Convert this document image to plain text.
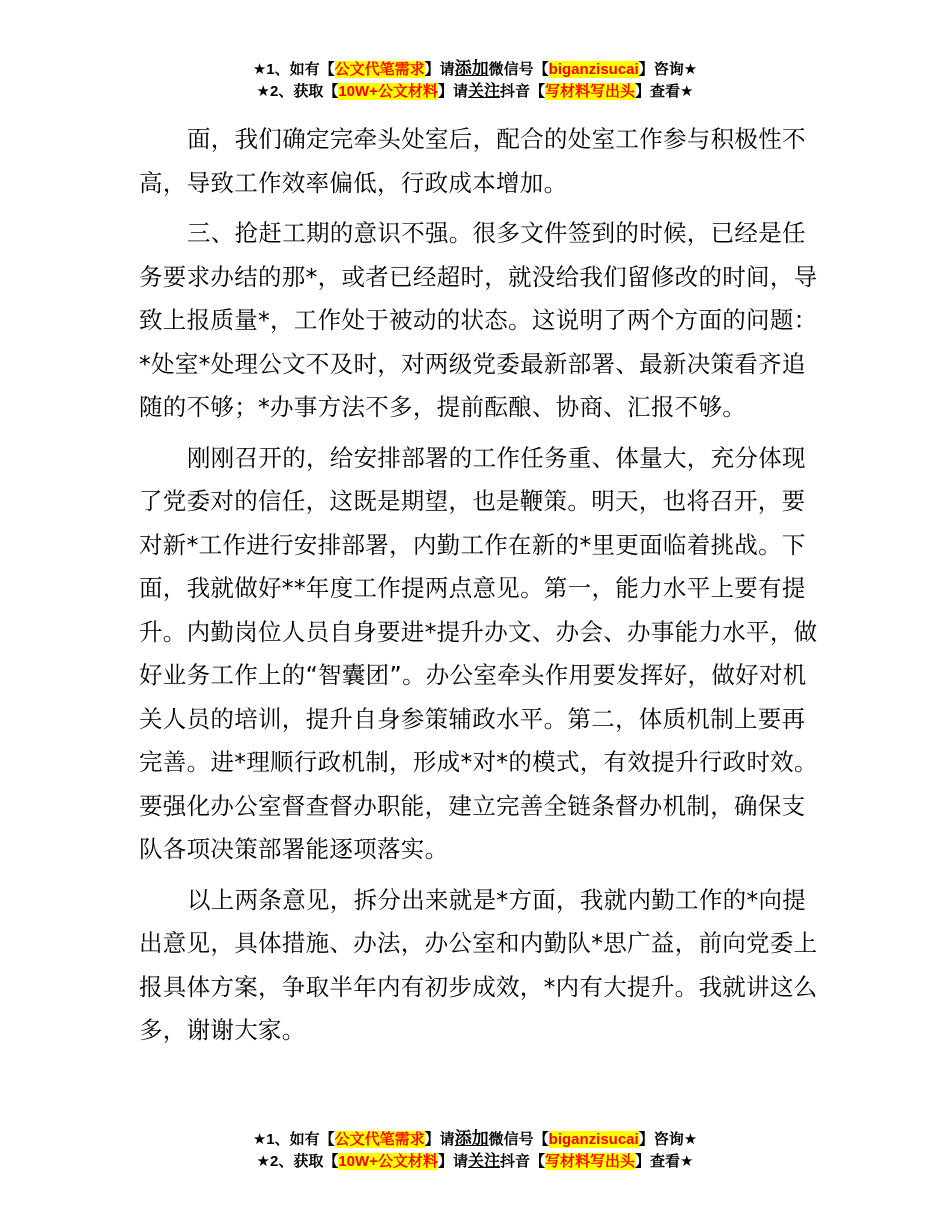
★1、如有【公文代笔需求】请添加微信号【biganzisucai】咨询★
★2、获取【10W+公文材料】请关注抖音【写材料写出头】查看★

面，我们确定完牵头处室后，配合的处室工作参与积极性不高，导致工作效率偏低，行政成本增加。

三、抢赶工期的意识不强。很多文件签到的时候，已经是任务要求办结的那*，或者已经超时，就没给我们留修改的时间，导致上报质量*，工作处于被动的状态。这说明了两个方面的问题：*处室*处理公文不及时，对两级党委最新部署、最新决策看齐追随的不够；*办事方法不多，提前酝酿、协商、汇报不够。

刚刚召开的，给安排部署的工作任务重、体量大，充分体现了党委对的信任，这既是期望，也是鞭策。明天，也将召开，要对新*工作进行安排部署，内勤工作在新的*里更面临着挑战。下面，我就做好**年度工作提两点意见。第一，能力水平上要有提升。内勤岗位人员自身要进*提升办文、办会、办事能力水平，做好业务工作上的“智囊团”。办公室牵头作用要发挥好，做好对机关人员的培训，提升自身参策辅政水平。第二，体质机制上要再完善。进*理顺行政机制，形成*对*的模式，有效提升行政时效。要强化办公室督查督办职能，建立完善全链条督办机制，确保支队各项决策部署能逐项落实。

以上两条意见，拆分出来就是*方面，我就内勤工作的*向提出意见，具体措施、办法，办公室和内勤队*思广益，前向党委上报具体方案，争取半年内有初步成效，*内有大提升。我就讲这么多，谢谢大家。

★1、如有【公文代笔需求】请添加微信号【biganzisucai】咨询★
★2、获取【10W+公文材料】请关注抖音【写材料写出头】查看★
